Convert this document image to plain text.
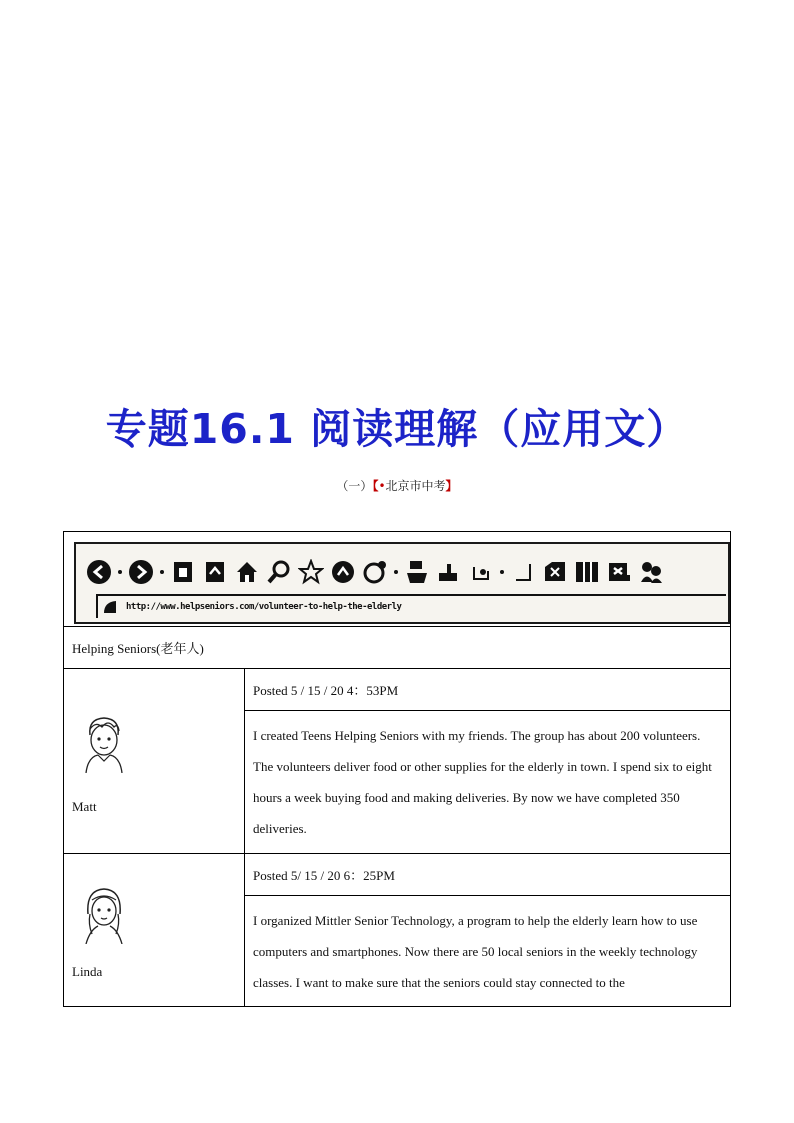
专题16.1 阅读理解（应用文）
（一）【•北京市中考】
http://www.helpseniors.com/volunteer-to-help-the-elderly	

Helping Seniors(老年人)	

Matt	Posted 5 / 15 / 20 4：53PM
	I created Teens Helping Seniors with my friends. The group has about 200 volunteers. The volunteers deliver food or other supplies for the elderly in town. I spend six to eight hours a week buying food and making deliveries. By now we have completed 350 deliveries.

Linda	Posted 5/ 15 / 20 6：25PM
	I organized Mittler Senior Technology, a program to help the elderly learn how to use computers and smartphones. Now there are 50 local seniors in the weekly technology classes. I want to make sure that the seniors could stay connected to the
